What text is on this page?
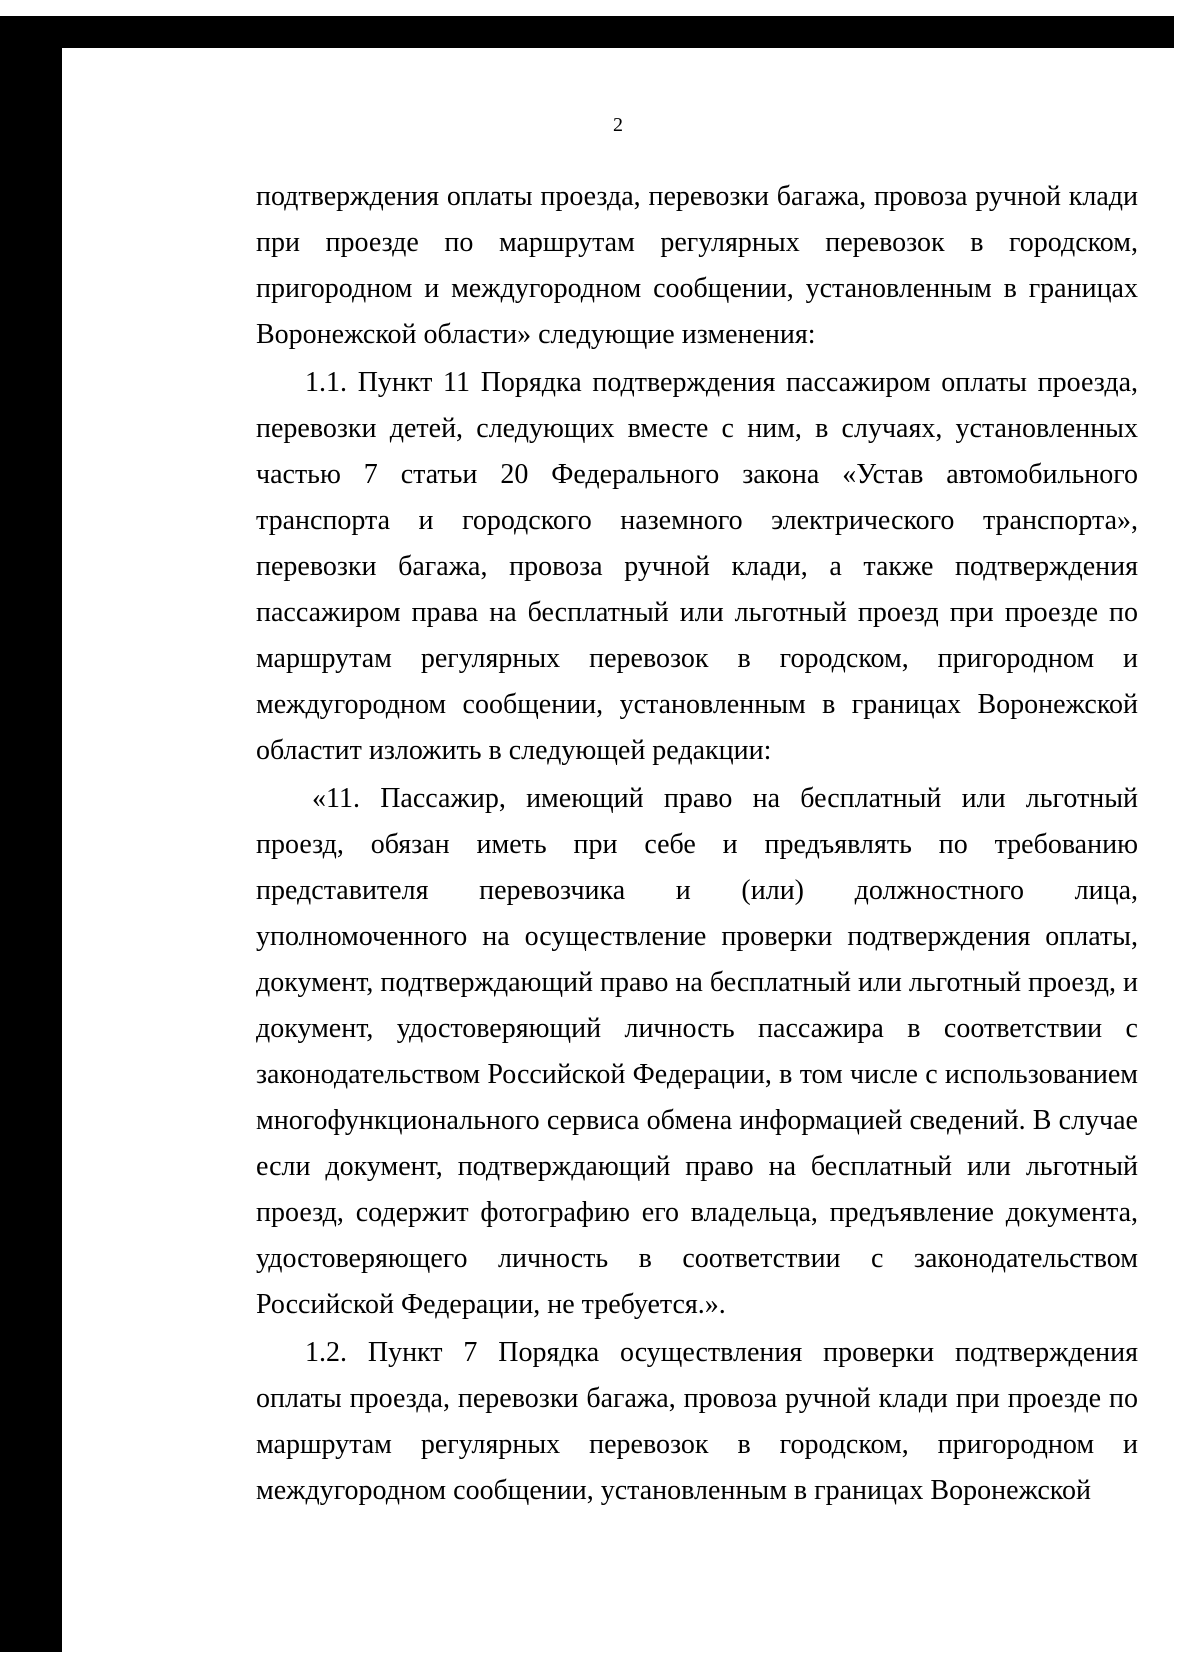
2

подтверждения оплаты проезда, перевозки багажа, провоза ручной клади при проезде по маршрутам регулярных перевозок в городском, пригородном и междугородном сообщении, установленным в границах Воронежской области» следующие изменения:

1.1. Пункт 11 Порядка подтверждения пассажиром оплаты проезда, перевозки детей, следующих вместе с ним, в случаях, установленных частью 7 статьи 20 Федерального закона «Устав автомобильного транспорта и городского наземного электрического транспорта», перевозки багажа, провоза ручной клади, а также подтверждения пассажиром права на бесплатный или льготный проезд при проезде по маршрутам регулярных перевозок в городском, пригородном и междугородном сообщении, установленным в границах Воронежской областит изложить в следующей редакции:

«11. Пассажир, имеющий право на бесплатный или льготный проезд, обязан иметь при себе и предъявлять по требованию представителя перевозчика и (или) должностного лица, уполномоченного на осуществление проверки подтверждения оплаты, документ, подтверждающий право на бесплатный или льготный проезд, и документ, удостоверяющий личность пассажира в соответствии с законодательством Российской Федерации, в том числе с использованием многофункционального сервиса обмена информацией сведений. В случае если документ, подтверждающий право на бесплатный или льготный проезд, содержит фотографию его владельца, предъявление документа, удостоверяющего личность в соответствии с законодательством Российской Федерации, не требуется.».

1.2. Пункт 7 Порядка осуществления проверки подтверждения оплаты проезда, перевозки багажа, провоза ручной клади при проезде по маршрутам регулярных перевозок в городском, пригородном и междугородном сообщении, установленным в границах Воронежской
